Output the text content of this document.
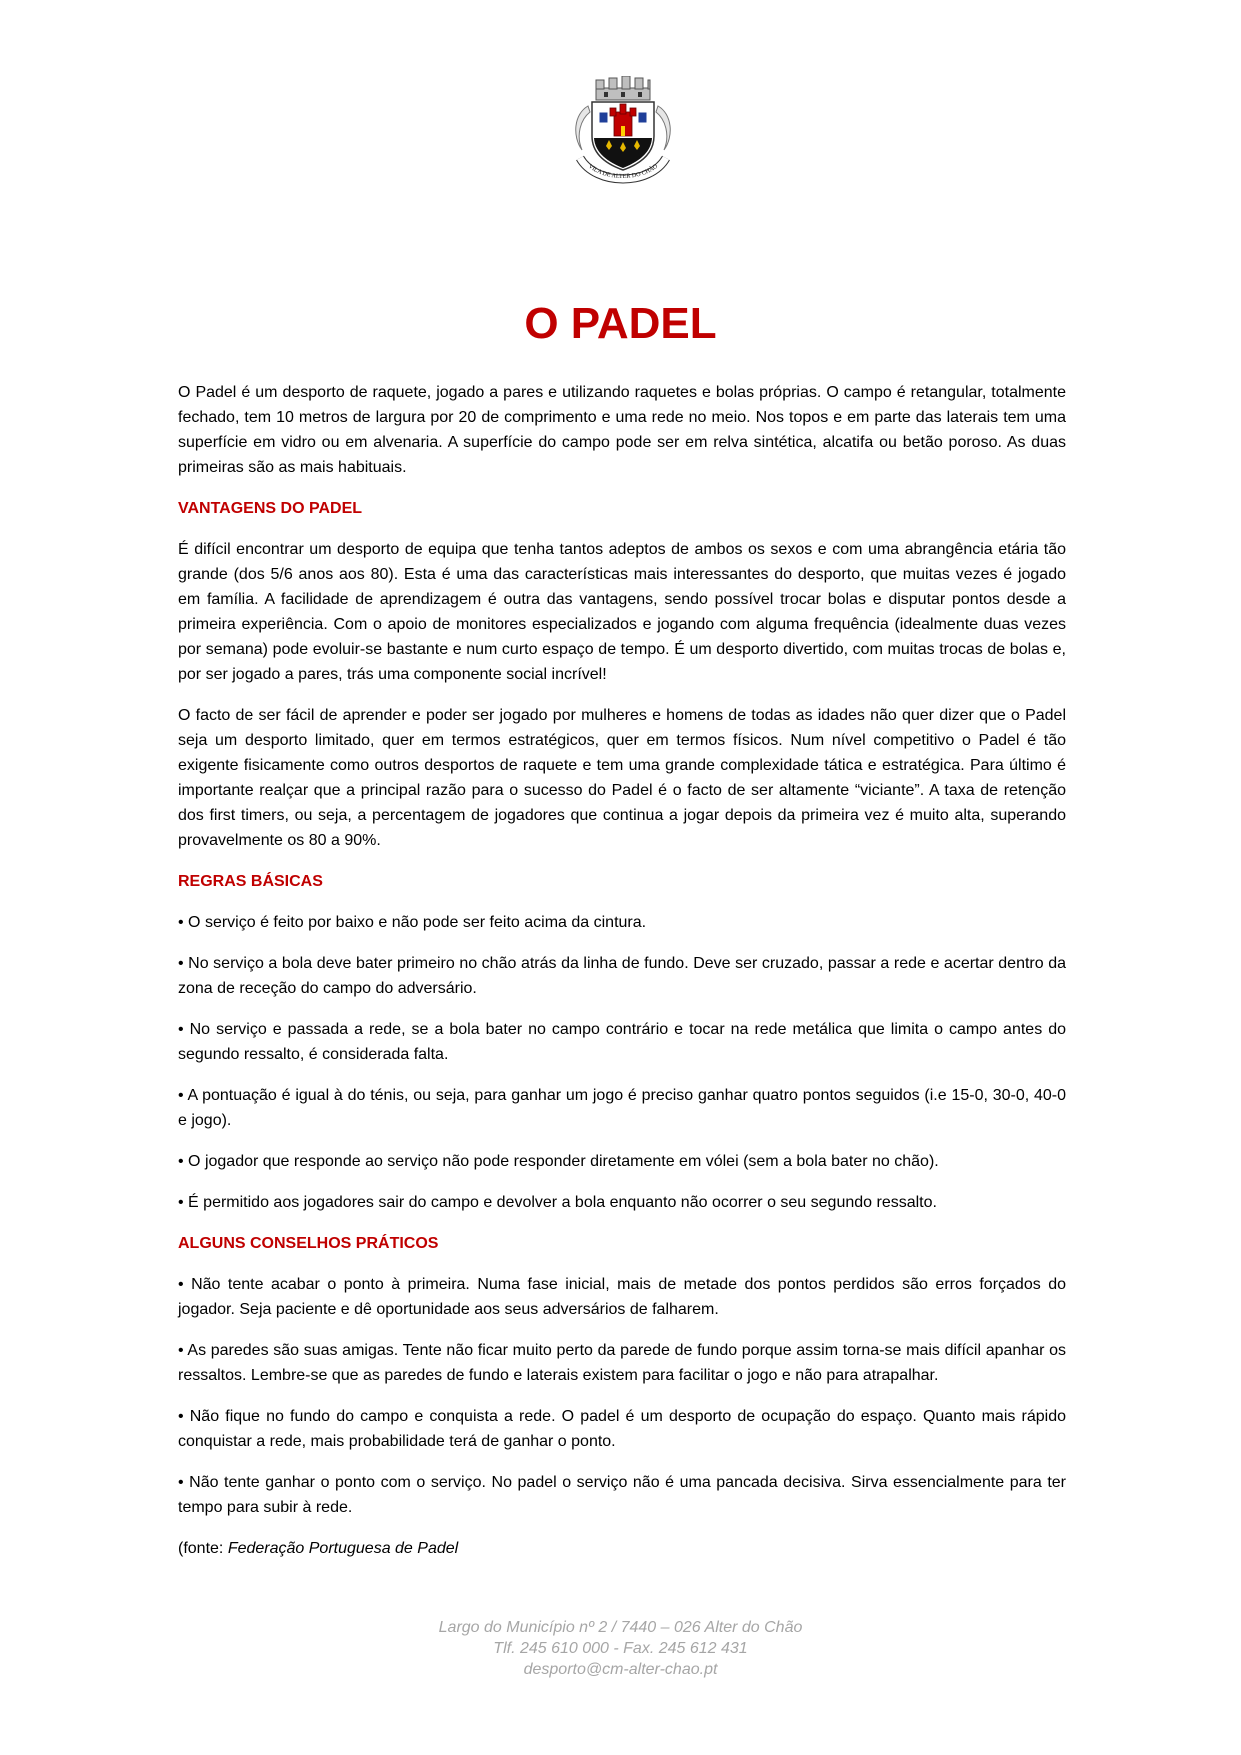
VILA DE ALTER DO CHÃO
O PADEL

O Padel é um desporto de raquete, jogado a pares e utilizando raquetes e bolas próprias. O campo é retangular, totalmente fechado, tem 10 metros de largura por 20 de comprimento e uma rede no meio. Nos topos e em parte das laterais tem uma superfície em vidro ou em alvenaria. A superfície do campo pode ser em relva sintética, alcatifa ou betão poroso. As duas primeiras são as mais habituais.

VANTAGENS DO PADEL

É difícil encontrar um desporto de equipa que tenha tantos adeptos de ambos os sexos e com uma abrangência etária tão grande (dos 5/6 anos aos 80). Esta é uma das características mais interessantes do desporto, que muitas vezes é jogado em família. A facilidade de aprendizagem é outra das vantagens, sendo possível trocar bolas e disputar pontos desde a primeira experiência. Com o apoio de monitores especializados e jogando com alguma frequência (idealmente duas vezes por semana) pode evoluir-se bastante e num curto espaço de tempo. É um desporto divertido, com muitas trocas de bolas e, por ser jogado a pares, trás uma componente social incrível!

O facto de ser fácil de aprender e poder ser jogado por mulheres e homens de todas as idades não quer dizer que o Padel seja um desporto limitado, quer em termos estratégicos, quer em termos físicos. Num nível competitivo o Padel é tão exigente fisicamente como outros desportos de raquete e tem uma grande complexidade tática e estratégica. Para último é importante realçar que a principal razão para o sucesso do Padel é o facto de ser altamente “viciante”. A taxa de retenção dos first timers, ou seja, a percentagem de jogadores que continua a jogar depois da primeira vez é muito alta, superando provavelmente os 80 a 90%.

REGRAS BÁSICAS

• O serviço é feito por baixo e não pode ser feito acima da cintura.

• No serviço a bola deve bater primeiro no chão atrás da linha de fundo. Deve ser cruzado, passar a rede e acertar dentro da zona de receção do campo do adversário.

• No serviço e passada a rede, se a bola bater no campo contrário e tocar na rede metálica que limita o campo antes do segundo ressalto, é considerada falta.

• A pontuação é igual à do ténis, ou seja, para ganhar um jogo é preciso ganhar quatro pontos seguidos (i.e 15-0, 30-0, 40-0 e jogo).

• O jogador que responde ao serviço não pode responder diretamente em vólei (sem a bola bater no chão).

• É permitido aos jogadores sair do campo e devolver a bola enquanto não ocorrer o seu segundo ressalto.

ALGUNS CONSELHOS PRÁTICOS

• Não tente acabar o ponto à primeira. Numa fase inicial, mais de metade dos pontos perdidos são erros forçados do jogador. Seja paciente e dê oportunidade aos seus adversários de falharem.

• As paredes são suas amigas. Tente não ficar muito perto da parede de fundo porque assim torna-se mais difícil apanhar os ressaltos. Lembre-se que as paredes de fundo e laterais existem para facilitar o jogo e não para atrapalhar.

• Não fique no fundo do campo e conquista a rede. O padel é um desporto de ocupação do espaço. Quanto mais rápido conquistar a rede, mais probabilidade terá de ganhar o ponto.

• Não tente ganhar o ponto com o serviço. No padel o serviço não é uma pancada decisiva. Sirva essencialmente para ter tempo para subir à rede.

(fonte: Federação Portuguesa de Padel

Largo do Município nº 2 / 7440 – 026 Alter do Chão
Tlf. 245 610 000 - Fax. 245 612 431
desporto@cm-alter-chao.pt
